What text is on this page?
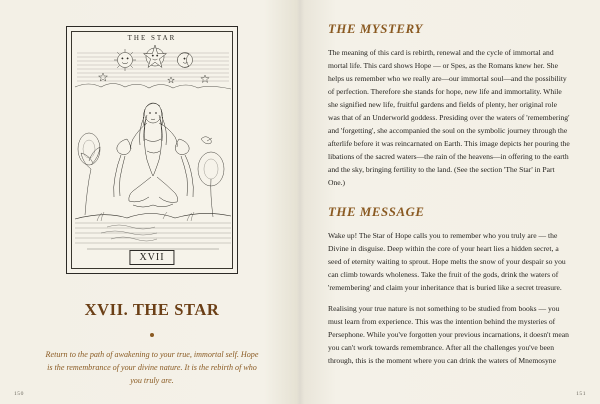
THE STAR
XVII
XVII. THE STAR

Return to the path of awakening to your true, immortal self. Hope is the remembrance of your divine nature. It is the rebirth of who you truly are.

150
THE MYSTERY

The meaning of this card is rebirth, renewal and the cycle of immortal and mortal life. This card shows Hope — or Spes, as the Romans knew her. She helps us remember who we really are—our immortal soul—and the possibility of perfection. Therefore she stands for hope, new life and immortality. While she signified new life, fruitful gardens and fields of plenty, her original role was that of an Underworld goddess. Presiding over the waters of 'remembering' and 'forgetting', she accompanied the soul on the symbolic journey through the afterlife before it was reincarnated on Earth. This image depicts her pouring the libations of the sacred waters—the rain of the heavens—in offering to the earth and the sky, bringing fertility to the land. (See the section 'The Star' in Part One.)

THE MESSAGE

Wake up! The Star of Hope calls you to remember who you truly are — the Divine in disguise. Deep within the core of your heart lies a hidden secret, a seed of eternity waiting to sprout. Hope melts the snow of your despair so you can climb towards wholeness. Take the fruit of the gods, drink the waters of 'remembering' and claim your inheritance that is buried like a secret treasure.

Realising your true nature is not something to be studied from books — you must learn from experience. This was the intention behind the mysteries of Persephone. While you've forgotten your previous incarnations, it doesn't mean you can't work towards remembrance. After all the challenges you've been through, this is the moment where you can drink the waters of Mnemosyne

151
